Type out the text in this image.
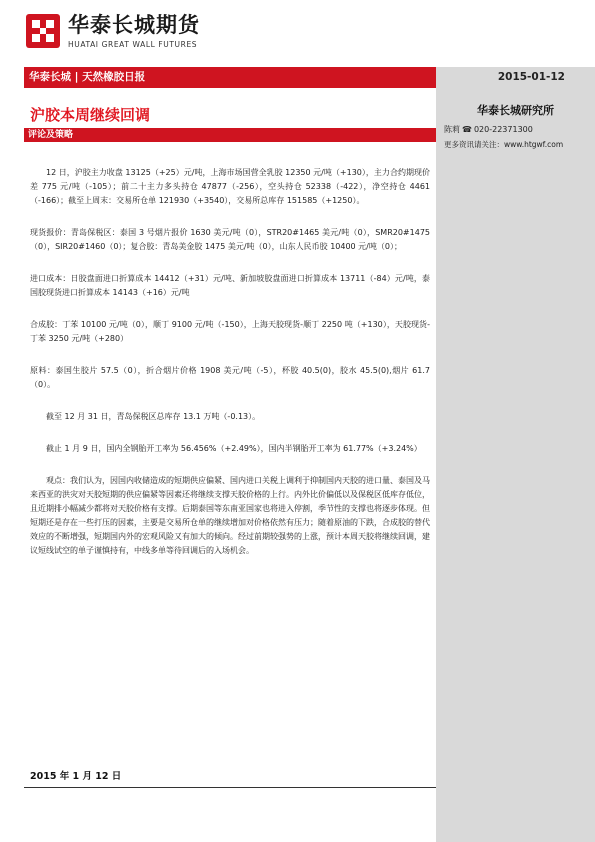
华泰长城期货
HUATAI GREAT WALL FUTURES
华泰长城 | 天然橡胶日报	2015-01-12
华泰长城研究所
陈莉 ☎ 020-22371300
更多资讯请关注：www.htgwf.com
沪胶本周继续回调
评论及策略

12 日，沪胶主力收盘 13125（+25）元/吨，上海市场国营全乳胶 12350 元/吨（+130），主力合约期现价差 775 元/吨（-105）；前二十主力多头持仓 47877（-256），空头持仓 52338（-422），净空持仓 4461（-166）；截至上周末：交易所仓单 121930（+3540），交易所总库存 151585（+1250）。

现货报价：青岛保税区：泰国 3 号烟片报价 1630 美元/吨（0），STR20#1465 美元/吨（0），SMR20#1475（0），SIR20#1460（0）；复合胶：青岛美金胶 1475 美元/吨（0），山东人民币胶 10400 元/吨（0）；

进口成本：日胶盘面进口折算成本 14412（+31）元/吨、新加坡胶盘面进口折算成本 13711（-84）元/吨，泰国胶现货进口折算成本 14143（+16）元/吨

合成胶：丁苯 10100 元/吨（0），顺丁 9100 元/吨（-150），上海天胶现货-顺丁 2250 吨（+130），天胶现货-丁苯 3250 元/吨（+280）

原料：泰国生胶片 57.5（0），折合烟片价格 1908 美元/吨（-5），杯胶 40.5(0)，胶水 45.5(0),烟片 61.7（0）。

截至 12 月 31 日，青岛保税区总库存 13.1 万吨（-0.13）。

截止 1 月 9 日，国内全钢胎开工率为 56.456%（+2.49%），国内半钢胎开工率为 61.77%（+3.24%）

观点：我们认为，因国内收储造成的短期供应偏紧、国内进口关税上调利于抑制国内天胶的进口量、泰国及马来西亚的洪灾对天胶短期的供应偏紧等因素还将继续支撑天胶价格的上行。内外比价偏低以及保税区低库存低位，且近期排小幅减少都将对天胶价格有支撑。后期泰国等东南亚国家也将进入停割，季节性的支撑也将逐步体现。但短期还是存在一些打压的因素，主要是交易所仓单的继续增加对价格依然有压力；随着原油的下跌，合成胶的替代效应的不断增强，短期国内外的宏观风险又有加大的倾向。经过前期较强势的上涨，预计本周天胶将继续回调，建议短线试空的单子谨慎持有，中线多单等待回调后的入场机会。

2015 年 1 月 12 日
